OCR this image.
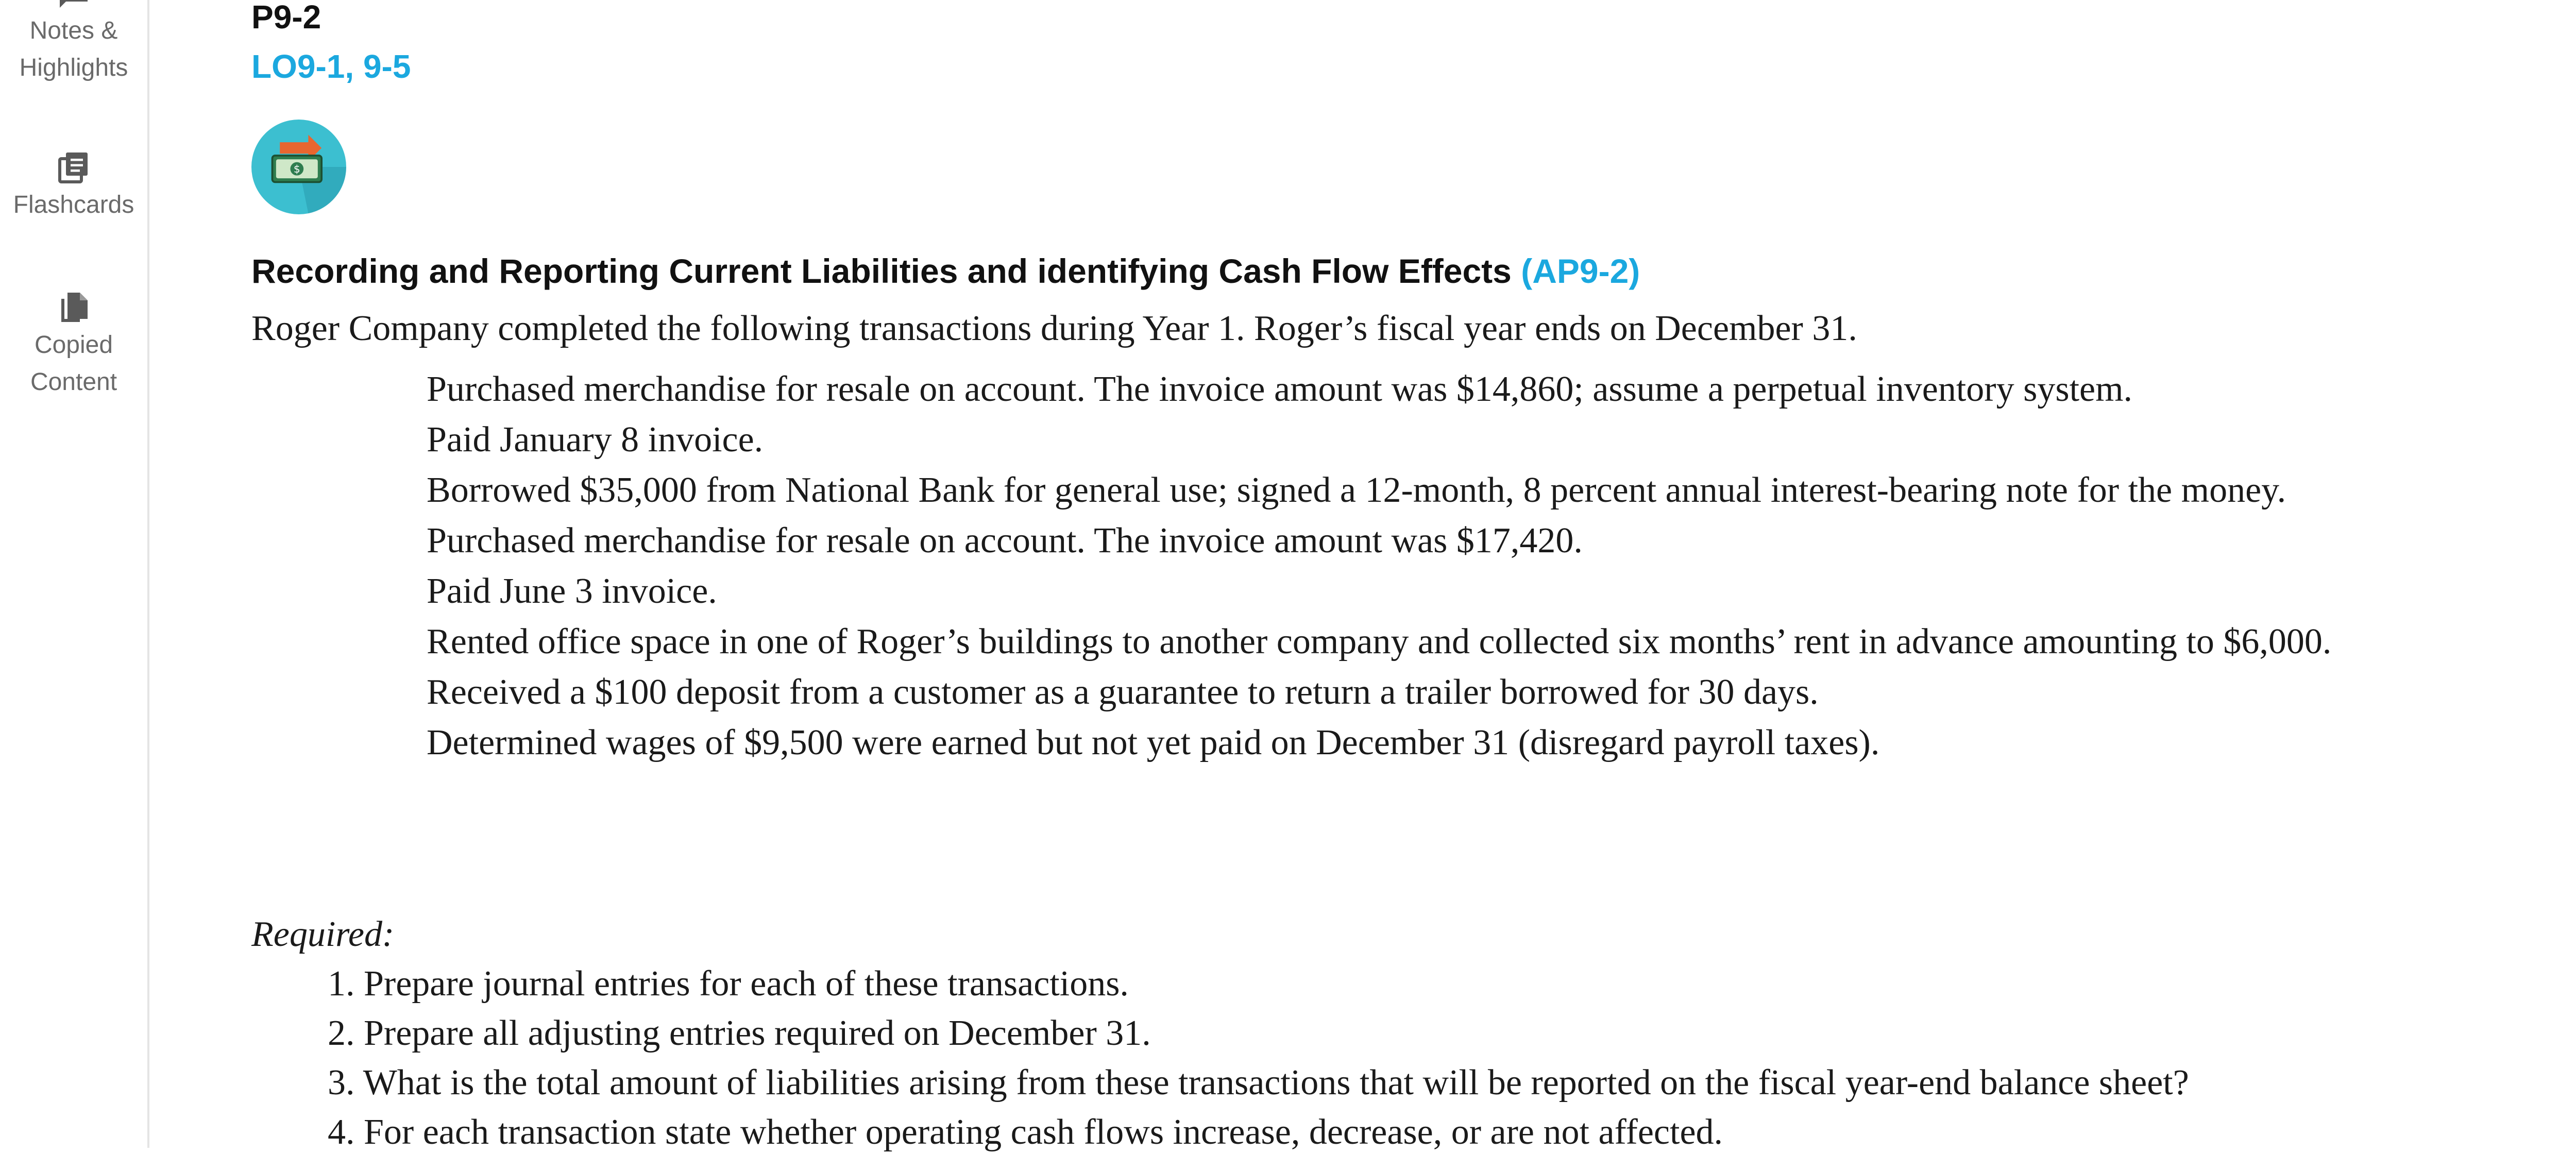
Notes &
Highlights
Flashcards
Copied
Content
P9-2
LO9-1, 9-5
$
Recording and Reporting Current Liabilities and identifying Cash Flow Effects (AP9-2)
Roger Company completed the following transactions during Year 1. Roger’s fiscal year ends on December 31.
Purchased merchandise for resale on account. The invoice amount was $14,860; assume a perpetual inventory system.
Paid January 8 invoice.
Borrowed $35,000 from National Bank for general use; signed a 12-month, 8 percent annual interest-bearing note for the money.
Purchased merchandise for resale on account. The invoice amount was $17,420.
Paid June 3 invoice.
Rented office space in one of Roger’s buildings to another company and collected six months’ rent in advance amounting to $6,000.
Received a $100 deposit from a customer as a guarantee to return a trailer borrowed for 30 days.
Determined wages of $9,500 were earned but not yet paid on December 31 (disregard payroll taxes).
Required:
1. Prepare journal entries for each of these transactions.
2. Prepare all adjusting entries required on December 31.
3. What is the total amount of liabilities arising from these transactions that will be reported on the fiscal year-end balance sheet?
4. For each transaction state whether operating cash flows increase, decrease, or are not affected.
